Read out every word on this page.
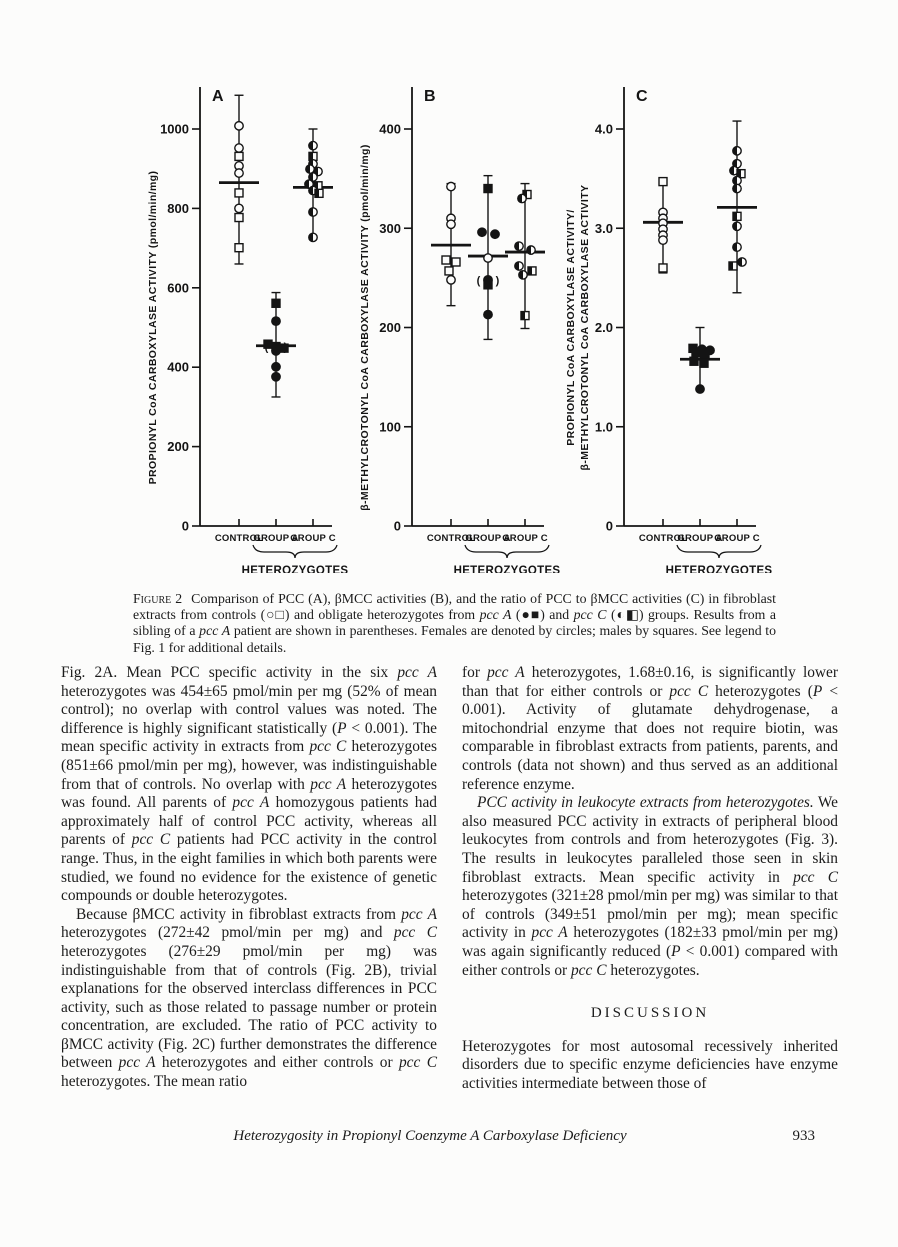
PROPIONYL CoA CARBOXYLASE ACTIVITY (pmol/min/mg)
0
200
400
600
800
1000
A
CONTROL
(
GROUP A
GROUP C
HETEROZYGOTES
β-METHYLCROTONYL CoA CARBOXYLASE ACTIVITY (pmol/min/mg)
0
100
200
300
400
B
CONTROL
( )
GROUP A
GROUP C
HETEROZYGOTES
PROPIONYL CoA CARBOXYLASE ACTIVITY/ β-METHYLCROTONYL CoA CARBOXYLASE ACTIVITY
0
1.0
2.0
3.0
4.0
C
CONTROL
GROUP A
GROUP C
HETEROZYGOTES

Figure 2 Comparison of PCC (A), βMCC activities (B), and the ratio of PCC to βMCC activities (C) in fibroblast extracts from controls (○□) and obligate heterozygotes from pcc A (●■) and pcc C (◐◧) groups. Results from a sibling of a pcc A patient are shown in parentheses. Females are denoted by circles; males by squares. See legend to Fig. 1 for additional details.

Fig. 2A. Mean PCC specific activity in the six pcc A heterozygotes was 454±65 pmol/min per mg (52% of mean control); no overlap with control values was noted. The difference is highly significant statistically (P < 0.001). The mean specific activity in extracts from pcc C heterozygotes (851±66 pmol/min per mg), however, was indistinguishable from that of controls. No overlap with pcc A heterozygotes was found. All parents of pcc A homozygous patients had approximately half of control PCC activity, whereas all parents of pcc C patients had PCC activity in the control range. Thus, in the eight families in which both parents were studied, we found no evidence for the existence of genetic compounds or double heterozygotes.

Because βMCC activity in fibroblast extracts from pcc A heterozygotes (272±42 pmol/min per mg) and pcc C heterozygotes (276±29 pmol/min per mg) was indistinguishable from that of controls (Fig. 2B), trivial explanations for the observed interclass differences in PCC activity, such as those related to passage number or protein concentration, are excluded. The ratio of PCC activity to βMCC activity (Fig. 2C) further demonstrates the difference between pcc A heterozygotes and either controls or pcc C heterozygotes. The mean ratio

for pcc A heterozygotes, 1.68±0.16, is significantly lower than that for either controls or pcc C heterozygotes (P < 0.001). Activity of glutamate dehydrogenase, a mitochondrial enzyme that does not require biotin, was comparable in fibroblast extracts from patients, parents, and controls (data not shown) and thus served as an additional reference enzyme.

PCC activity in leukocyte extracts from heterozygotes. We also measured PCC activity in extracts of peripheral blood leukocytes from controls and from heterozygotes (Fig. 3). The results in leukocytes paralleled those seen in skin fibroblast extracts. Mean specific activity in pcc C heterozygotes (321±28 pmol/min per mg) was similar to that of controls (349±51 pmol/min per mg); mean specific activity in pcc A heterozygotes (182±33 pmol/min per mg) was again significantly reduced (P < 0.001) compared with either controls or pcc C heterozygotes.

DISCUSSION

Heterozygotes for most autosomal recessively inherited disorders due to specific enzyme deficiencies have enzyme activities intermediate between those of

Heterozygosity in Propionyl Coenzyme A Carboxylase Deficiency	933
